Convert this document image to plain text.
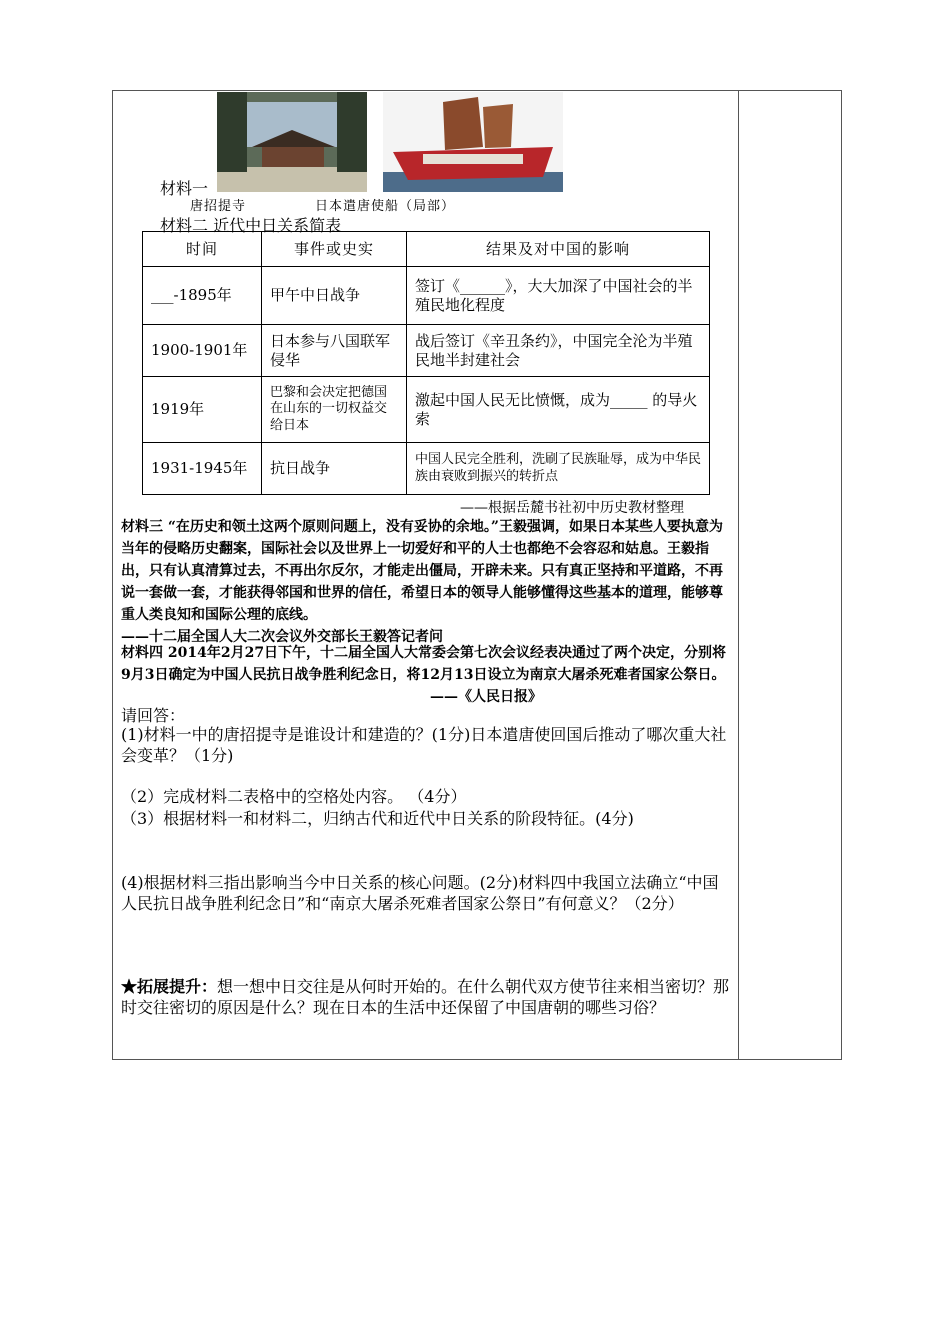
材料一
唐招提寺	日本遣唐使船（局部）
材料二 近代中日关系简表
时间	事件或史实	结果及对中国的影响
___-1895年	甲午中日战争	签订《______》，大大加深了中国社会的半殖民地化程度
1900-1901年	日本参与八国联军侵华	战后签订《辛丑条约》，中国完全沦为半殖民地半封建社会
1919年	巴黎和会决定把德国在山东的一切权益交给日本	激起中国人民无比愤慨，成为_____ 的导火索
1931-1945年	抗日战争	中国人民完全胜利，洗刷了民族耻辱，成为中华民族由衰败到振兴的转折点
——根据岳麓书社初中历史教材整理
材料三 “在历史和领土这两个原则问题上，没有妥协的余地。”王毅强调，如果日本某些人要执意为当年的侵略历史翻案，国际社会以及世界上一切爱好和平的人士也都绝不会容忍和姑息。王毅指出，只有认真清算过去，不再出尔反尔，才能走出僵局，开辟未来。只有真正坚持和平道路，不再说一套做一套，才能获得邻国和世界的信任，希望日本的领导人能够懂得这些基本的道理，能够尊重人类良知和国际公理的底线。
——十二届全国人大二次会议外交部长王毅答记者问
材料四 2014年2月27日下午，十二届全国人大常委会第七次会议经表决通过了两个决定，分别将9月3日确定为中国人民抗日战争胜利纪念日，将12月13日设立为南京大屠杀死难者国家公祭日。
——《人民日报》
请回答：
(1)材料一中的唐招提寺是谁设计和建造的？(1分)日本遣唐使回国后推动了哪次重大社会变革？（1分)
（2）完成材料二表格中的空格处内容。 （4分）
（3）根据材料一和材料二，归纳古代和近代中日关系的阶段特征。(4分)
(4)根据材料三指出影响当今中日关系的核心问题。(2分)材料四中我国立法确立“中国人民抗日战争胜利纪念日”和“南京大屠杀死难者国家公祭日”有何意义？（2分）
★拓展提升：想一想中日交往是从何时开始的。在什么朝代双方使节往来相当密切？那时交往密切的原因是什么？现在日本的生活中还保留了中国唐朝的哪些习俗？
